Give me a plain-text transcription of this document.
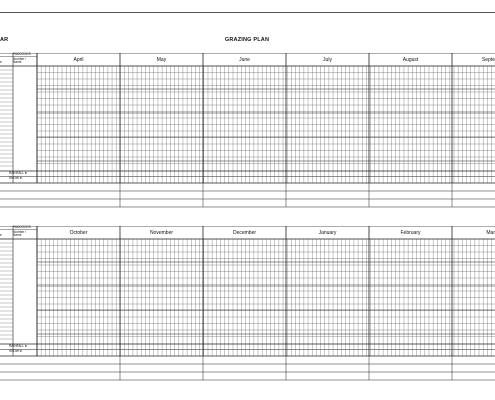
AR	GRAZING PLAN
PADDOCKS
e
Number / Name
RAINFALL in
SNOW in
April	May	June	July	August	Septe
PADDOCKS
e
Number / Name
RAINFALL in
SNOW in
October	November	December	January	February	Mar
